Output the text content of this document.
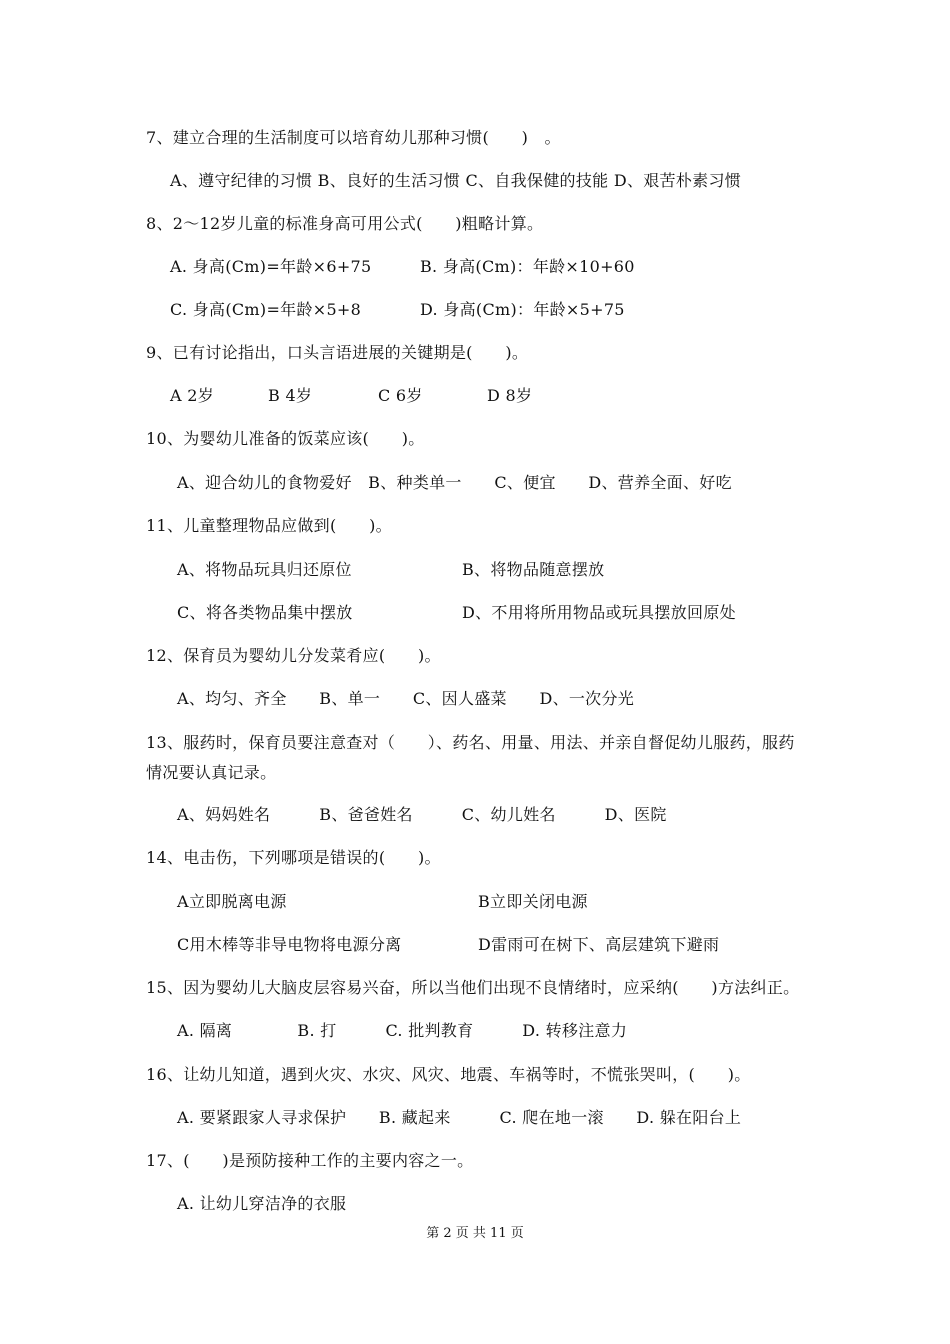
7、建立合理的生活制度可以培育幼儿那种习惯(　　)　。
A、遵守纪律的习惯 B、良好的生活习惯 C、自我保健的技能 D、艰苦朴素习惯
8、2～12岁儿童的标准身高可用公式(　　)粗略计算。
A. 身高(Cm)=年龄×6+75	B. 身高(Cm)：年龄×10+60
C. 身高(Cm)=年龄×5+8	D. 身高(Cm)：年龄×5+75
9、已有讨论指出，口头言语进展的关键期是(　　)。
A 2岁	B 4岁	C 6岁	D 8岁
10、为婴幼儿准备的饭菜应该(　　)。
A、迎合幼儿的食物爱好　B、种类单一　　C、便宜　　D、营养全面、好吃
11、儿童整理物品应做到(　　)。
A、将物品玩具归还原位	B、将物品随意摆放
C、将各类物品集中摆放	D、不用将所用物品或玩具摆放回原处
12、保育员为婴幼儿分发菜肴应(　　)。
A、均匀、齐全　　B、单一　　C、因人盛菜　　D、一次分光
13、服药时，保育员要注意查对（　　）、药名、用量、用法、并亲自督促幼儿服药，服药
情况要认真记录。
A、妈妈姓名　　　B、爸爸姓名　　　C、幼儿姓名　　　D、医院
14、电击伤，下列哪项是错误的(　　)。
A立即脱离电源	B立即关闭电源
C用木棒等非导电物将电源分离	D雷雨可在树下、高层建筑下避雨
15、因为婴幼儿大脑皮层容易兴奋，所以当他们出现不良情绪时，应采纳(　　)方法纠正。
A. 隔离　　　　B. 打　　　C. 批判教育　　　D. 转移注意力
16、让幼儿知道，遇到火灾、水灾、风灾、地震、车祸等时，不慌张哭叫，(　　)。
A. 要紧跟家人寻求保护　　B. 藏起来　　　C. 爬在地一滚　　D. 躲在阳台上
17、(　　)是预防接种工作的主要内容之一。
A. 让幼儿穿洁净的衣服
第 2 页 共 11 页
